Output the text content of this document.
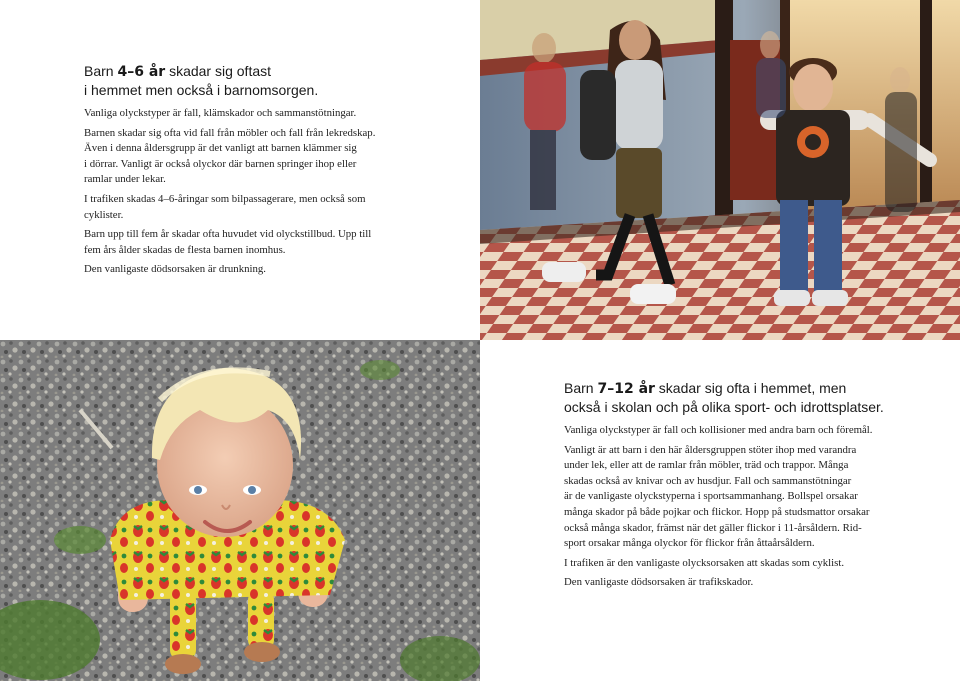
Barn 4–6 år skadar sig oftast
i hemmet men också i barnomsorgen.

Vanliga olyckstyper är fall, klämskador och sammanstötningar.

Barnen skadar sig ofta vid fall från möbler och fall från lekredskap.
Även i denna åldersgrupp är det vanligt att barnen klämmer sig
i dörrar. Vanligt är också olyckor där barnen springer ihop eller
ramlar under lekar.

I trafiken skadas 4–6-åringar som bilpassagerare, men också som
cyklister.

Barn upp till fem år skadar ofta huvudet vid olyckstillbud. Upp till
fem års ålder skadas de flesta barnen inomhus.

Den vanligaste dödsorsaken är drunkning.

Barn 7–12 år skadar sig ofta i hemmet, men
också i skolan och på olika sport- och idrottsplatser.

Vanliga olyckstyper är fall och kollisioner med andra barn och föremål.

Vanligt är att barn i den här åldersgruppen stöter ihop med varandra
under lek, eller att de ramlar från möbler, träd och trappor. Många
skadas också av knivar och av husdjur. Fall och sammanstötningar
är de vanligaste olyckstyperna i sportsammanhang. Bollspel orsakar
många skador på både pojkar och flickor. Hopp på studsmattor orsakar
också många skador, främst när det gäller flickor i 11-årsåldern. Rid-
sport orsakar många olyckor för flickor från åttaårsåldern.

I trafiken är den vanligaste olycksorsaken att skadas som cyklist.

Den vanligaste dödsorsaken är trafikskador.
